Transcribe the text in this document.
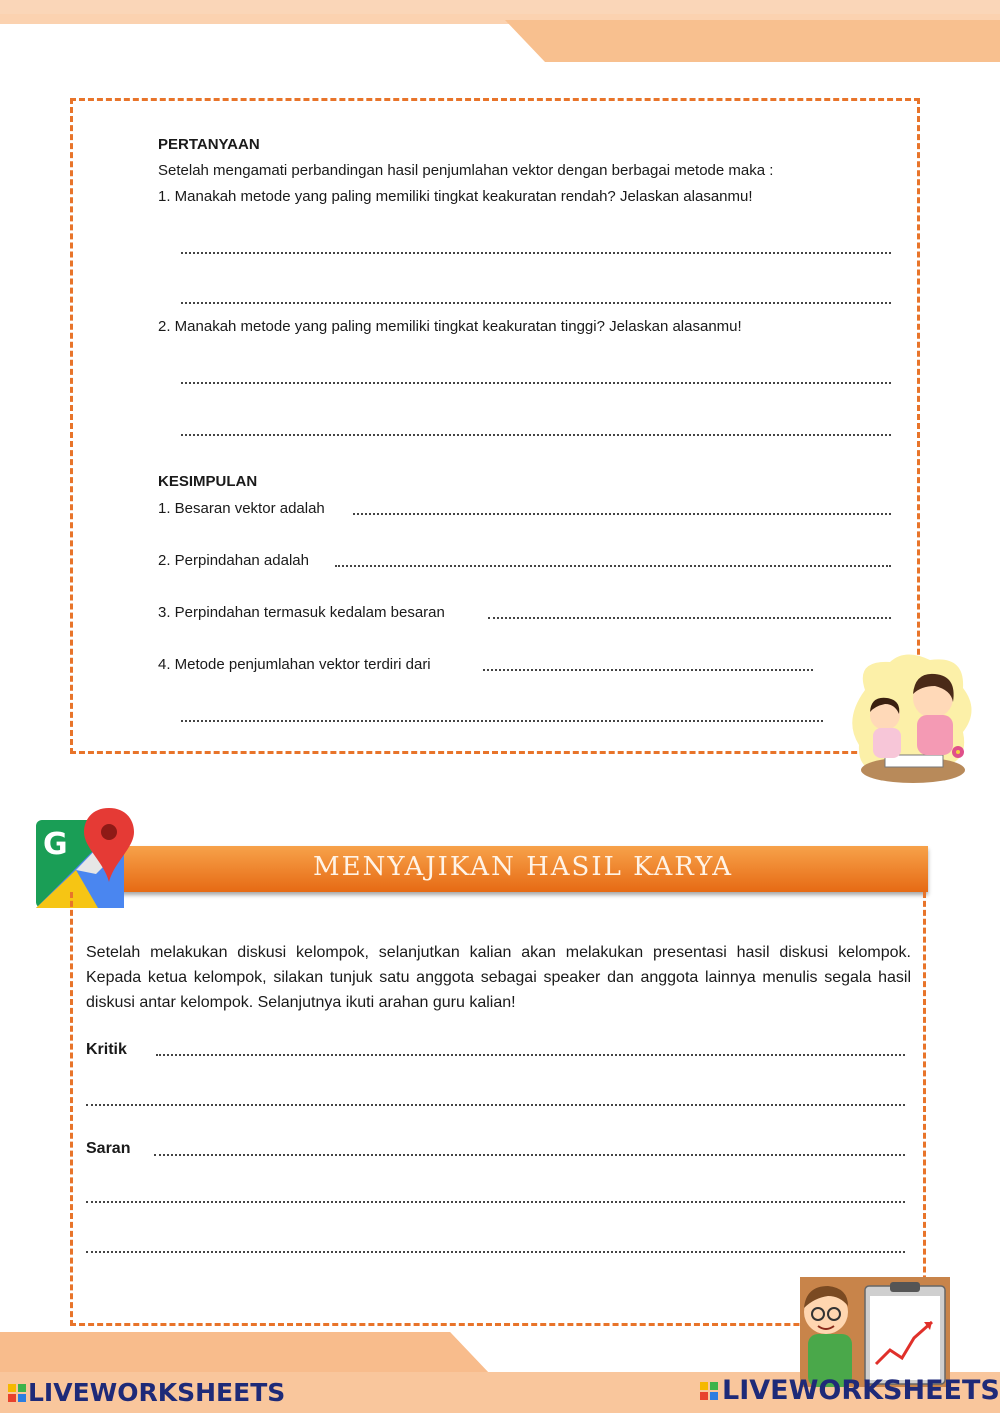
PERTANYAAN
Setelah mengamati perbandingan hasil penjumlahan vektor dengan berbagai metode maka :
1. Manakah metode yang paling memiliki tingkat keakuratan rendah? Jelaskan alasanmu!
2. Manakah metode yang paling memiliki tingkat keakuratan tinggi? Jelaskan alasanmu!
KESIMPULAN
1. Besaran vektor adalah
2. Perpindahan adalah
3. Perpindahan termasuk kedalam besaran
4. Metode penjumlahan vektor terdiri dari
MENYAJIKAN HASIL KARYA
G
Setelah melakukan diskusi kelompok, selanjutkan kalian akan melakukan presentasi hasil diskusi kelompok. Kepada ketua kelompok, silakan tunjuk satu anggota sebagai speaker dan anggota lainnya menulis segala hasil diskusi antar kelompok. Selanjutnya ikuti arahan guru kalian!
Kritik
Saran
LIVEWORKSHEETS	LIVEWORKSHEETS
